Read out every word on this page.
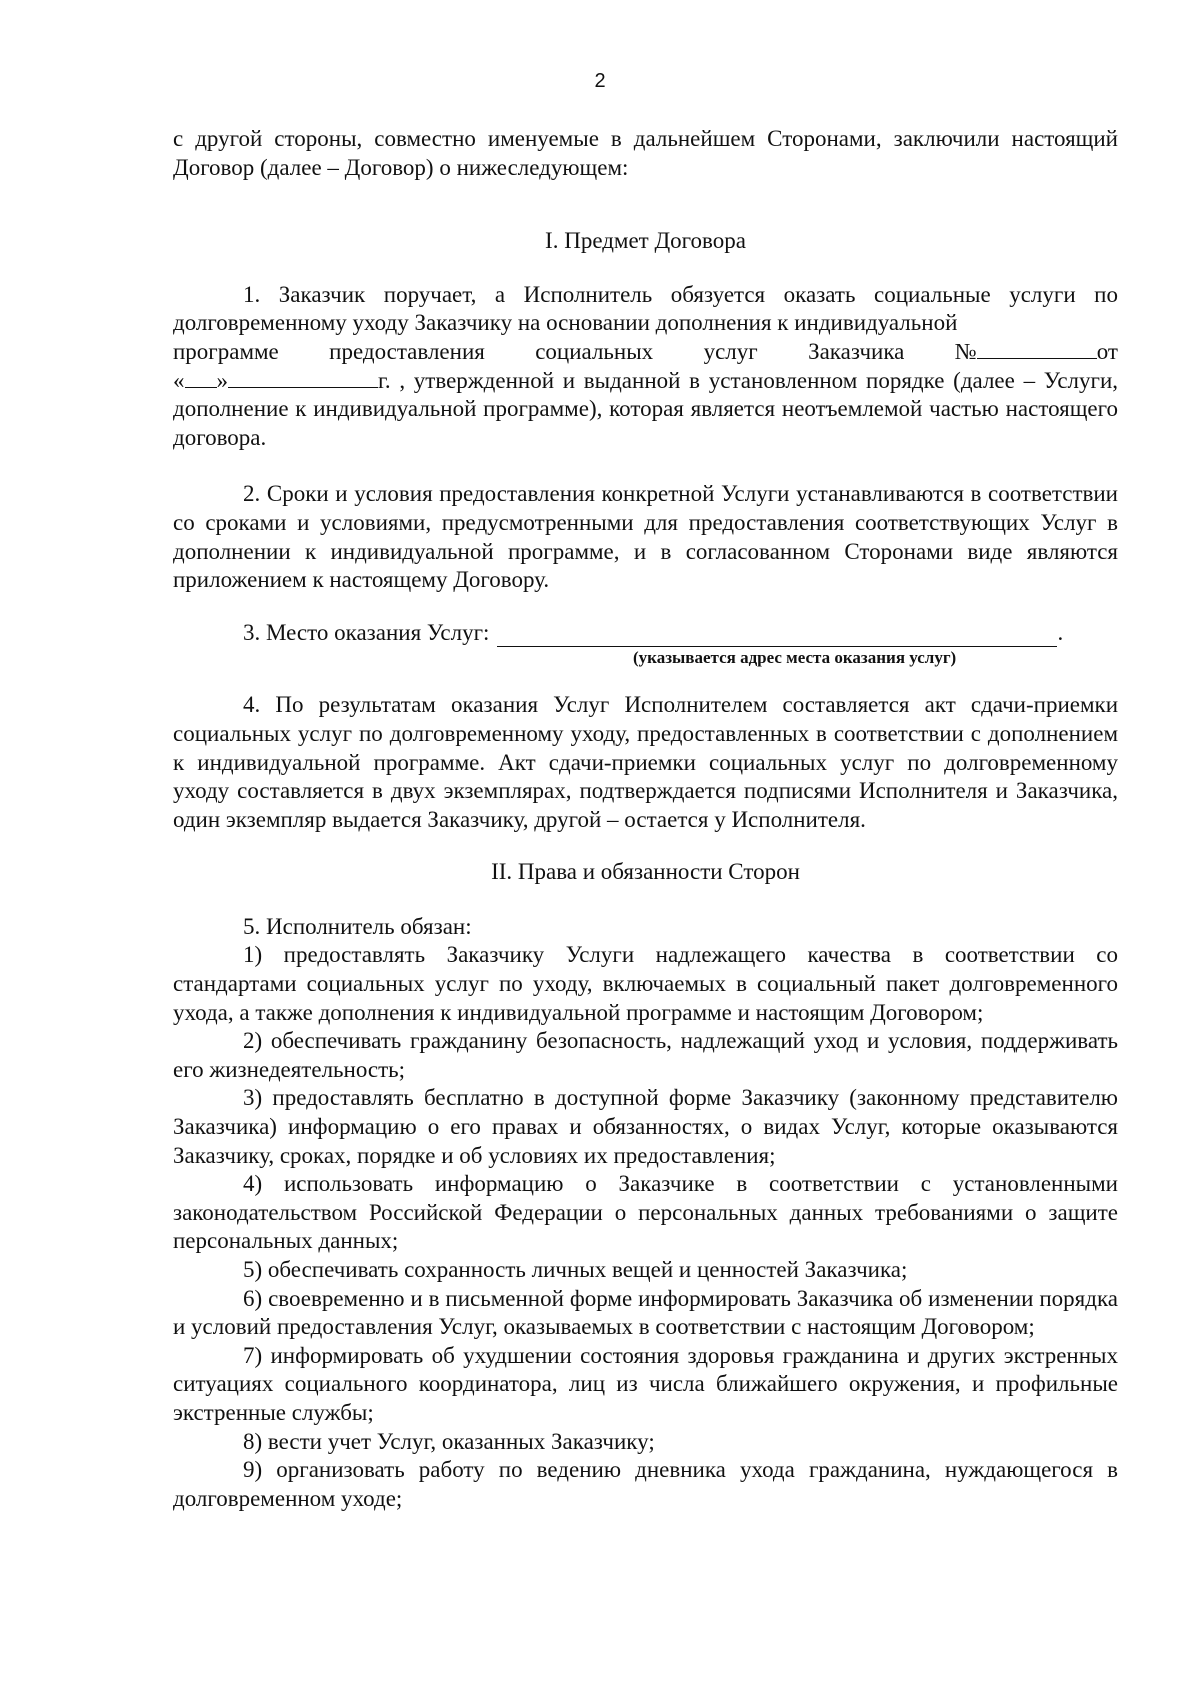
2

с другой стороны, совместно именуемые в дальнейшем Сторонами, заключили настоящий Договор (далее – Договор) о нижеследующем:

I. Предмет Договора

1. Заказчик поручает, а Исполнитель обязуется оказать социальные услуги по долговременному уходу Заказчику на основании дополнения к индивидуальной

программе предоставления социальных услуг Заказчика №	от

« »	г. , утвержденной и выданной в установленном порядке (далее – Услуги, дополнение к индивидуальной программе), которая является неотъемлемой частью настоящего договора.

2. Сроки и условия предоставления конкретной Услуги устанавливаются в соответствии со сроками и условиями, предусмотренными для предоставления соответствующих Услуг в дополнении к индивидуальной программе, и в согласованном Сторонами виде являются приложением к настоящему Договору.

3. Место оказания Услуг:	.

(указывается адрес места оказания услуг)

4. По результатам оказания Услуг Исполнителем составляется акт сдачи-приемки социальных услуг по долговременному уходу, предоставленных в соответствии с дополнением к индивидуальной программе. Акт сдачи-приемки социальных услуг по долговременному уходу составляется в двух экземплярах, подтверждается подписями Исполнителя и Заказчика, один экземпляр выдается Заказчику, другой – остается у Исполнителя.

II. Права и обязанности Сторон

5. Исполнитель обязан:

1) предоставлять Заказчику Услуги надлежащего качества в соответствии со стандартами социальных услуг по уходу, включаемых в социальный пакет долговременного ухода, а также дополнения к индивидуальной программе и настоящим Договором;

2) обеспечивать гражданину безопасность, надлежащий уход и условия, поддерживать его жизнедеятельность;

3) предоставлять бесплатно в доступной форме Заказчику (законному представителю Заказчика) информацию о его правах и обязанностях, о видах Услуг, которые оказываются Заказчику, сроках, порядке и об условиях их предоставления;

4) использовать информацию о Заказчике в соответствии с установленными законодательством Российской Федерации о персональных данных требованиями о защите персональных данных;

5) обеспечивать сохранность личных вещей и ценностей Заказчика;

6) своевременно и в письменной форме информировать Заказчика об изменении порядка и условий предоставления Услуг, оказываемых в соответствии с настоящим Договором;

7) информировать об ухудшении состояния здоровья гражданина и других экстренных ситуациях социального координатора, лиц из числа ближайшего окружения, и профильные экстренные службы;

8) вести учет Услуг, оказанных Заказчику;

9) организовать работу по ведению дневника ухода гражданина, нуждающегося в долговременном уходе;
